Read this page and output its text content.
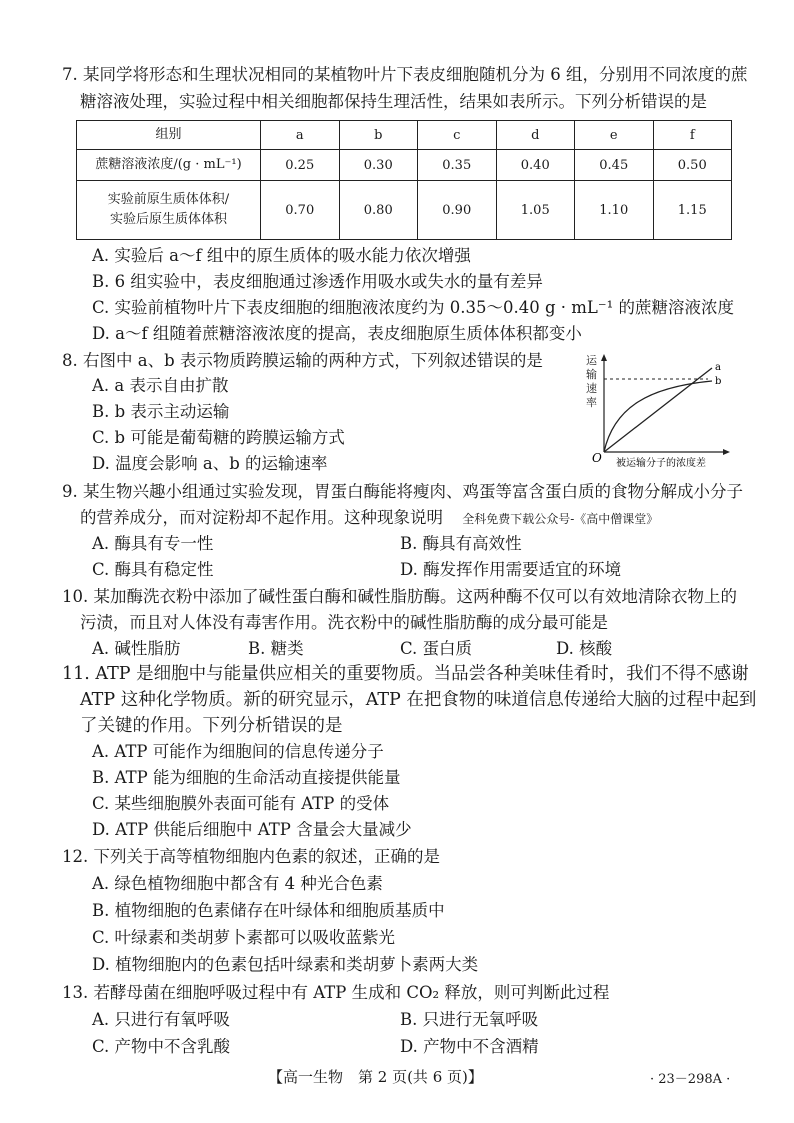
7. 某同学将形态和生理状况相同的某植物叶片下表皮细胞随机分为 6 组，分别用不同浓度的蔗
糖溶液处理，实验过程中相关细胞都保持生理活性，结果如表所示。下列分析错误的是
组别	a	b	c	d	e	f
蔗糖溶液浓度/(g · mL⁻¹)	0.25	0.30	0.35	0.40	0.45	0.50

实验前原生质体体积/
实验后原生质体体积	0.70	0.80	0.90	1.05	1.10	1.15
A. 实验后 a～f 组中的原生质体的吸水能力依次增强
B. 6 组实验中，表皮细胞通过渗透作用吸水或失水的量有差异
C. 实验前植物叶片下表皮细胞的细胞液浓度约为 0.35～0.40 g · mL⁻¹ 的蔗糖溶液浓度
D. a～f 组随着蔗糖溶液浓度的提高，表皮细胞原生质体体积都变小
8. 右图中 a、b 表示物质跨膜运输的两种方式，下列叙述错误的是
A. a 表示自由扩散
B. b 表示主动运输
C. b 可能是葡萄糖的跨膜运输方式
D. 温度会影响 a、b 的运输速率
运
输
速
率
a
b
O 被运输分子的浓度差
9. 某生物兴趣小组通过实验发现，胃蛋白酶能将瘦肉、鸡蛋等富含蛋白质的食物分解成小分子
的营养成分，而对淀粉却不起作用。这种现象说明 全科免费下载公众号-《高中僧课堂》
A. 酶具有专一性	B. 酶具有高效性
C. 酶具有稳定性	D. 酶发挥作用需要适宜的环境
10. 某加酶洗衣粉中添加了碱性蛋白酶和碱性脂肪酶。这两种酶不仅可以有效地清除衣物上的
污渍，而且对人体没有毒害作用。洗衣粉中的碱性脂肪酶的成分最可能是
A. 碱性脂肪	B. 糖类	C. 蛋白质	D. 核酸
11. ATP 是细胞中与能量供应相关的重要物质。当品尝各种美味佳肴时，我们不得不感谢
ATP 这种化学物质。新的研究显示，ATP 在把食物的味道信息传递给大脑的过程中起到
了关键的作用。下列分析错误的是
A. ATP 可能作为细胞间的信息传递分子
B. ATP 能为细胞的生命活动直接提供能量
C. 某些细胞膜外表面可能有 ATP 的受体
D. ATP 供能后细胞中 ATP 含量会大量减少
12. 下列关于高等植物细胞内色素的叙述，正确的是
A. 绿色植物细胞中都含有 4 种光合色素
B. 植物细胞的色素储存在叶绿体和细胞质基质中
C. 叶绿素和类胡萝卜素都可以吸收蓝紫光
D. 植物细胞内的色素包括叶绿素和类胡萝卜素两大类
13. 若酵母菌在细胞呼吸过程中有 ATP 生成和 CO₂ 释放，则可判断此过程
A. 只进行有氧呼吸	B. 只进行无氧呼吸
C. 产物中不含乳酸	D. 产物中不含酒精
【高一生物　第 2 页(共 6 页)】	· 23－298A ·
